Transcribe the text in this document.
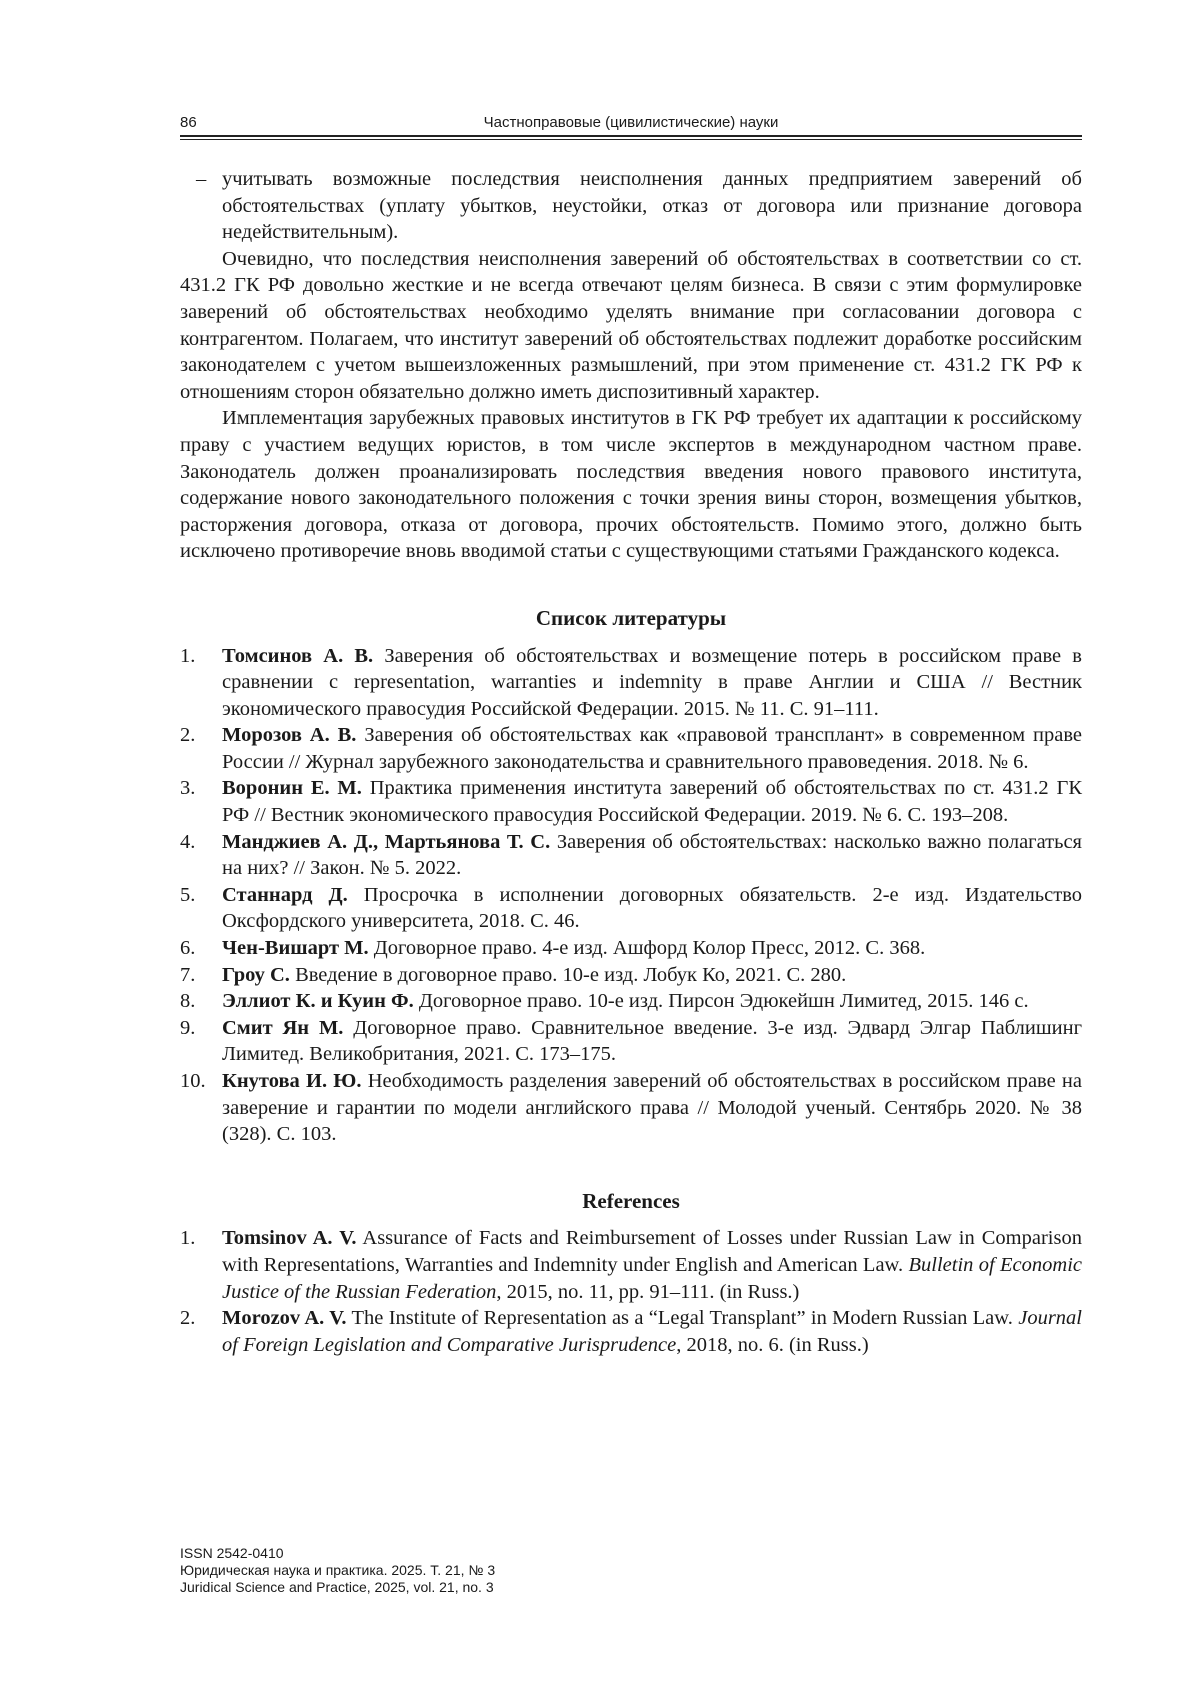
86	Частноправовые (цивилистические) науки
– учитывать возможные последствия неисполнения данных предприятием заверений об обстоятельствах (уплату убытков, неустойки, отказ от договора или признание договора недействительным).

Очевидно, что последствия неисполнения заверений об обстоятельствах в соответствии со ст. 431.2 ГК РФ довольно жесткие и не всегда отвечают целям бизнеса. В связи с этим формулировке заверений об обстоятельствах необходимо уделять внимание при согласовании договора с контрагентом. Полагаем, что институт заверений об обстоятельствах подлежит доработке российским законодателем с учетом вышеизложенных размышлений, при этом применение ст. 431.2 ГК РФ к отношениям сторон обязательно должно иметь диспозитивный характер.

Имплементация зарубежных правовых институтов в ГК РФ требует их адаптации к российскому праву с участием ведущих юристов, в том числе экспертов в международном частном праве. Законодатель должен проанализировать последствия введения нового правового института, содержание нового законодательного положения с точки зрения вины сторон, возмещения убытков, расторжения договора, отказа от договора, прочих обстоятельств. Помимо этого, должно быть исключено противоречие вновь вводимой статьи с существующими статьями Гражданского кодекса.

Список литературы
1. Томсинов А. В. Заверения об обстоятельствах и возмещение потерь в российском праве в сравнении с representation, warranties и indemnity в праве Англии и США // Вестник экономического правосудия Российской Федерации. 2015. № 11. С. 91–111.
2. Морозов А. В. Заверения об обстоятельствах как «правовой трансплант» в современном праве России // Журнал зарубежного законодательства и сравнительного правоведения. 2018. № 6.
3. Воронин Е. М. Практика применения института заверений об обстоятельствах по ст. 431.2 ГК РФ // Вестник экономического правосудия Российской Федерации. 2019. № 6. С. 193–208.
4. Манджиев А. Д., Мартьянова Т. С. Заверения об обстоятельствах: насколько важно полагаться на них? // Закон. № 5. 2022.
5. Станнард Д. Просрочка в исполнении договорных обязательств. 2-е изд. Издательство Оксфордского университета, 2018. С. 46.
6. Чен-Вишарт М. Договорное право. 4-е изд. Ашфорд Колор Пресс, 2012. С. 368.
7. Гроу С. Введение в договорное право. 10-е изд. Лобук Ко, 2021. С. 280.
8. Эллиот К. и Куин Ф. Договорное право. 10-е изд. Пирсон Эдюкейшн Лимитед, 2015. 146 с.
9. Смит Ян М. Договорное право. Сравнительное введение. 3-е изд. Эдвард Элгар Паблишинг Лимитед. Великобритания, 2021. С. 173–175.
10. Кнутова И. Ю. Необходимость разделения заверений об обстоятельствах в российском праве на заверение и гарантии по модели английского права // Молодой ученый. Сентябрь 2020. № 38 (328). С. 103.
References
1. Tomsinov A. V. Assurance of Facts and Reimbursement of Losses under Russian Law in Comparison with Representations, Warranties and Indemnity under English and American Law. Bulletin of Economic Justice of the Russian Federation, 2015, no. 11, pp. 91–111. (in Russ.)
2. Morozov A. V. The Institute of Representation as a “Legal Transplant” in Modern Russian Law. Journal of Foreign Legislation and Comparative Jurisprudence, 2018, no. 6. (in Russ.)
ISSN 2542-0410
Юридическая наука и практика. 2025. Т. 21, № 3
Juridical Science and Practice, 2025, vol. 21, no. 3
